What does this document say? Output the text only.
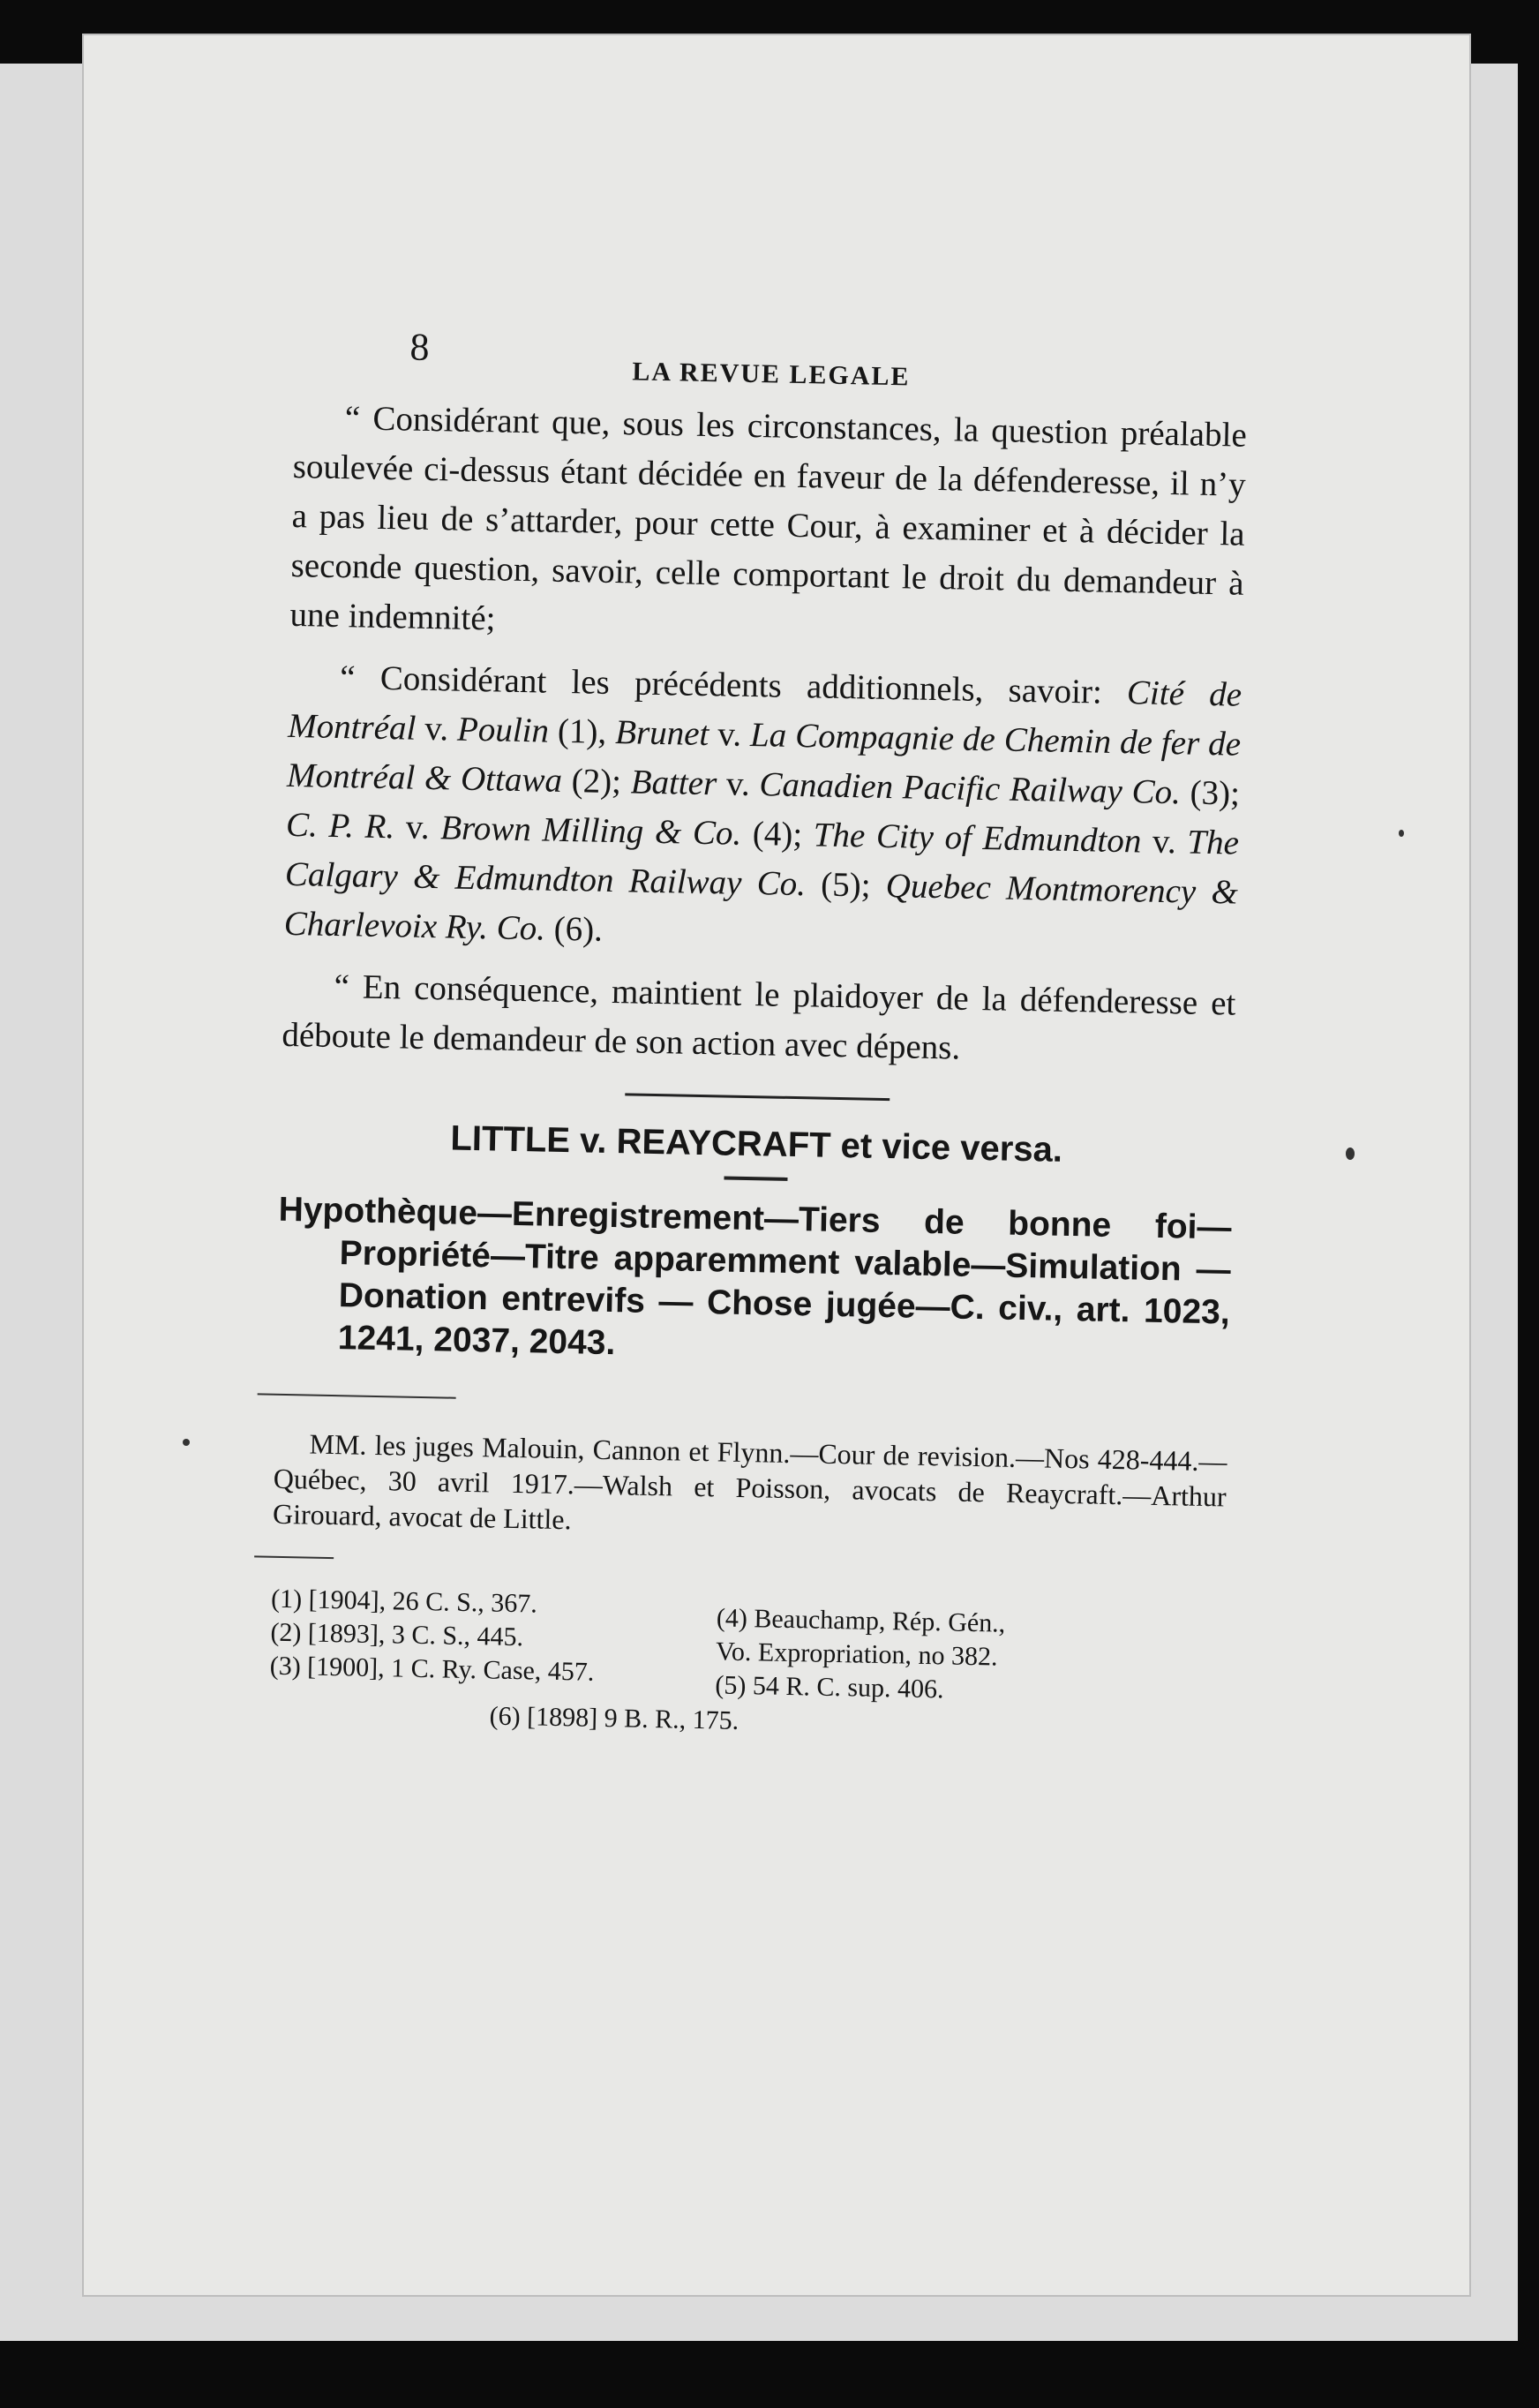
8
LA REVUE LEGALE

“ Considérant que, sous les circonstances, la question préalable soulevée ci-dessus étant décidée en faveur de la défenderesse, il n’y a pas lieu de s’attarder, pour cette Cour, à examiner et à décider la seconde question, savoir, celle comportant le droit du demandeur à une indemnité;

“ Considérant les précédents additionnels, savoir: Cité de Montréal v. Poulin (1), Brunet v. La Compagnie de Chemin de fer de Montréal & Ottawa (2); Batter v. Canadien Pacific Railway Co. (3); C. P. R. v. Brown Milling & Co. (4); The City of Edmundton v. The Calgary & Edmundton Railway Co. (5); Quebec Montmorency & Charlevoix Ry. Co. (6).

“ En conséquence, maintient le plaidoyer de la défenderesse et déboute le demandeur de son action avec dépens.

LITTLE v. REAYCRAFT et vice versa.

Hypothèque—Enregistrement—Tiers de bonne foi—Propriété—Titre apparemment valable—Simulation — Donation entrevifs — Chose jugée—C. civ., art. 1023, 1241, 2037, 2043.

MM. les juges Malouin, Cannon et Flynn.—Cour de revision.—Nos 428-444.—Québec, 30 avril 1917.—Walsh et Poisson, avocats de Reaycraft.—Arthur Girouard, avocat de Little.

(1) [1904], 26 C. S., 367.
(2) [1893], 3 C. S., 445.
(3) [1900], 1 C. Ry. Case, 457.
(4) Beauchamp, Rép. Gén.,
Vo. Expropriation, no 382.
(5) 54 R. C. sup. 406.
(6) [1898] 9 B. R., 175.
